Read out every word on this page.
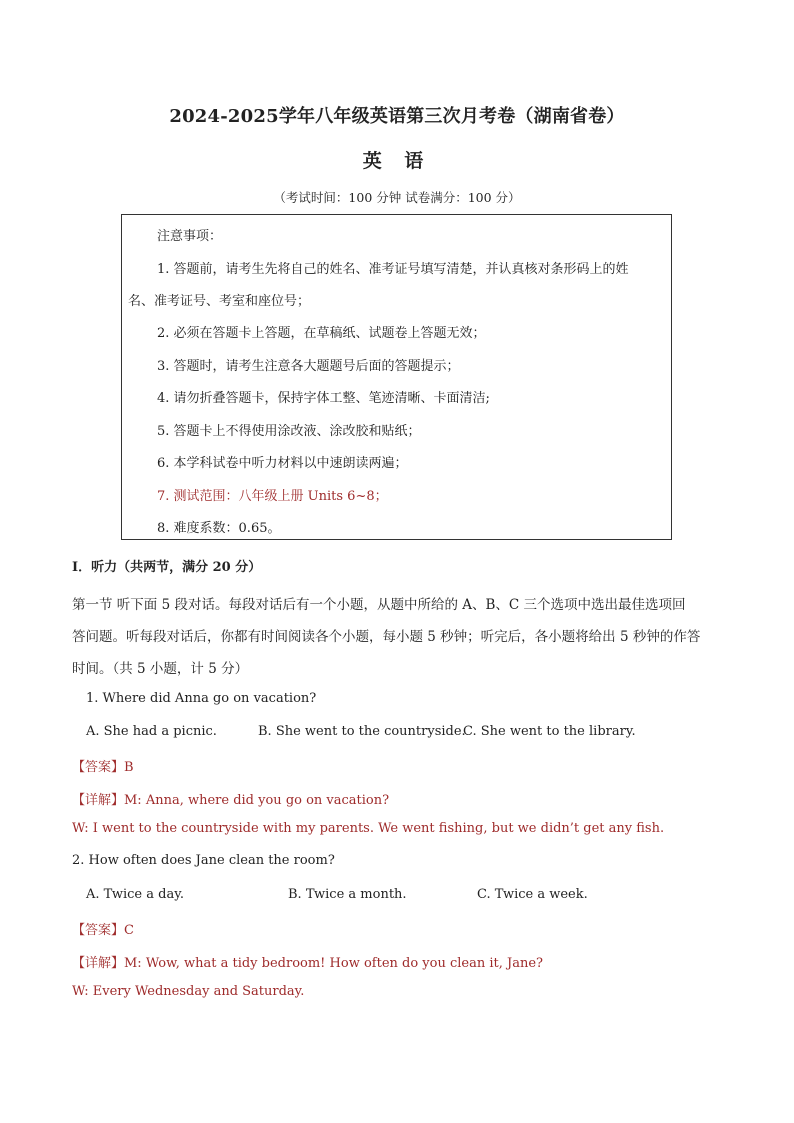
2024-2025学年八年级英语第三次月考卷（湖南省卷）
英 语
（考试时间：100 分钟 试卷满分：100 分）
注意事项：
1. 答题前，请考生先将自己的姓名、准考证号填写清楚，并认真核对条形码上的姓
名、准考证号、考室和座位号；
2. 必须在答题卡上答题，在草稿纸、试题卷上答题无效；
3. 答题时，请考生注意各大题题号后面的答题提示；
4. 请勿折叠答题卡，保持字体工整、笔迹清晰、卡面清洁;
5. 答题卡上不得使用涂改液、涂改胶和贴纸；
6. 本学科试卷中听力材料以中速朗读两遍；
7. 测试范围：八年级上册 Units 6~8；
8. 难度系数：0.65。
I．听力（共两节，满分 20 分）
第一节 听下面 5 段对话。每段对话后有一个小题，从题中所给的 A、B、C 三个选项中选出最佳选项回
答问题。听每段对话后，你都有时间阅读各个小题，每小题 5 秒钟；听完后，各小题将给出 5 秒钟的作答
时间。（共 5 小题，计 5 分）
1. Where did Anna go on vacation?
A. She had a picnic.	B. She went to the countryside.
C. She went to the library.
【答案】B
【详解】M: Anna, where did you go on vacation?
W: I went to the countryside with my parents. We went fishing, but we didn’t get any fish.
2. How often does Jane clean the room?
A. Twice a day.	B. Twice a month.	C. Twice a week.
【答案】C
【详解】M: Wow, what a tidy bedroom! How often do you clean it, Jane?
W: Every Wednesday and Saturday.
